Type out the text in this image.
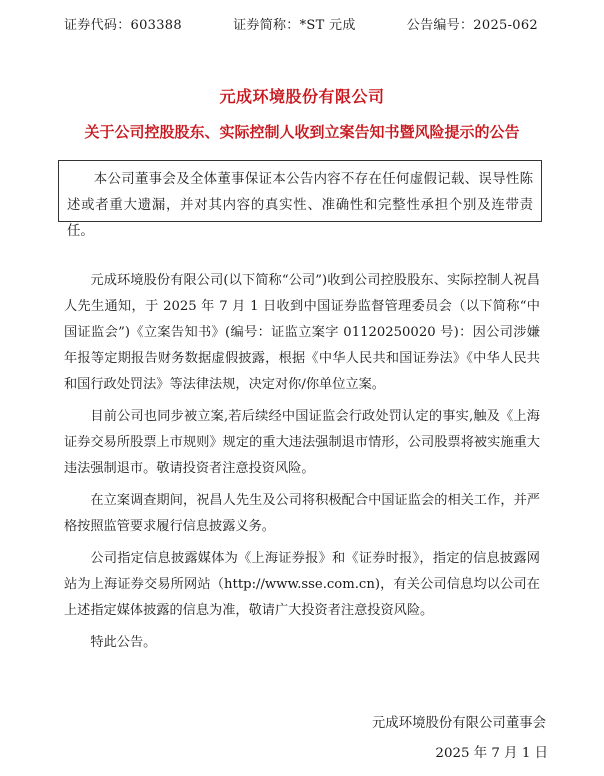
证券代码：603388	证券简称：*ST 元成	公告编号：2025-062
元成环境股份有限公司
关于公司控股股东、实际控制人收到立案告知书暨风险提示的公告
本公司董事会及全体董事保证本公告内容不存在任何虚假记载、误导性陈述或者重大遗漏，并对其内容的真实性、准确性和完整性承担个别及连带责任。

元成环境股份有限公司(以下简称“公司”)收到公司控股股东、实际控制人祝昌人先生通知，于 2025 年 7 月 1 日收到中国证券监督管理委员会（以下简称“中国证监会”)《立案告知书》(编号：证监立案字 01120250020 号)：因公司涉嫌年报等定期报告财务数据虚假披露，根据《中华人民共和国证券法》《中华人民共和国行政处罚法》等法律法规，决定对你/你单位立案。

目前公司也同步被立案,若后续经中国证监会行政处罚认定的事实,触及《上海证券交易所股票上市规则》规定的重大违法强制退市情形，公司股票将被实施重大违法强制退市。敬请投资者注意投资风险。

在立案调查期间，祝昌人先生及公司将积极配合中国证监会的相关工作，并严格按照监管要求履行信息披露义务。

公司指定信息披露媒体为《上海证券报》和《证券时报》，指定的信息披露网站为上海证券交易所网站（http://www.sse.com.cn)，有关公司信息均以公司在上述指定媒体披露的信息为准，敬请广大投资者注意投资风险。

特此公告。

元成环境股份有限公司董事会
2025 年 7 月 1 日
